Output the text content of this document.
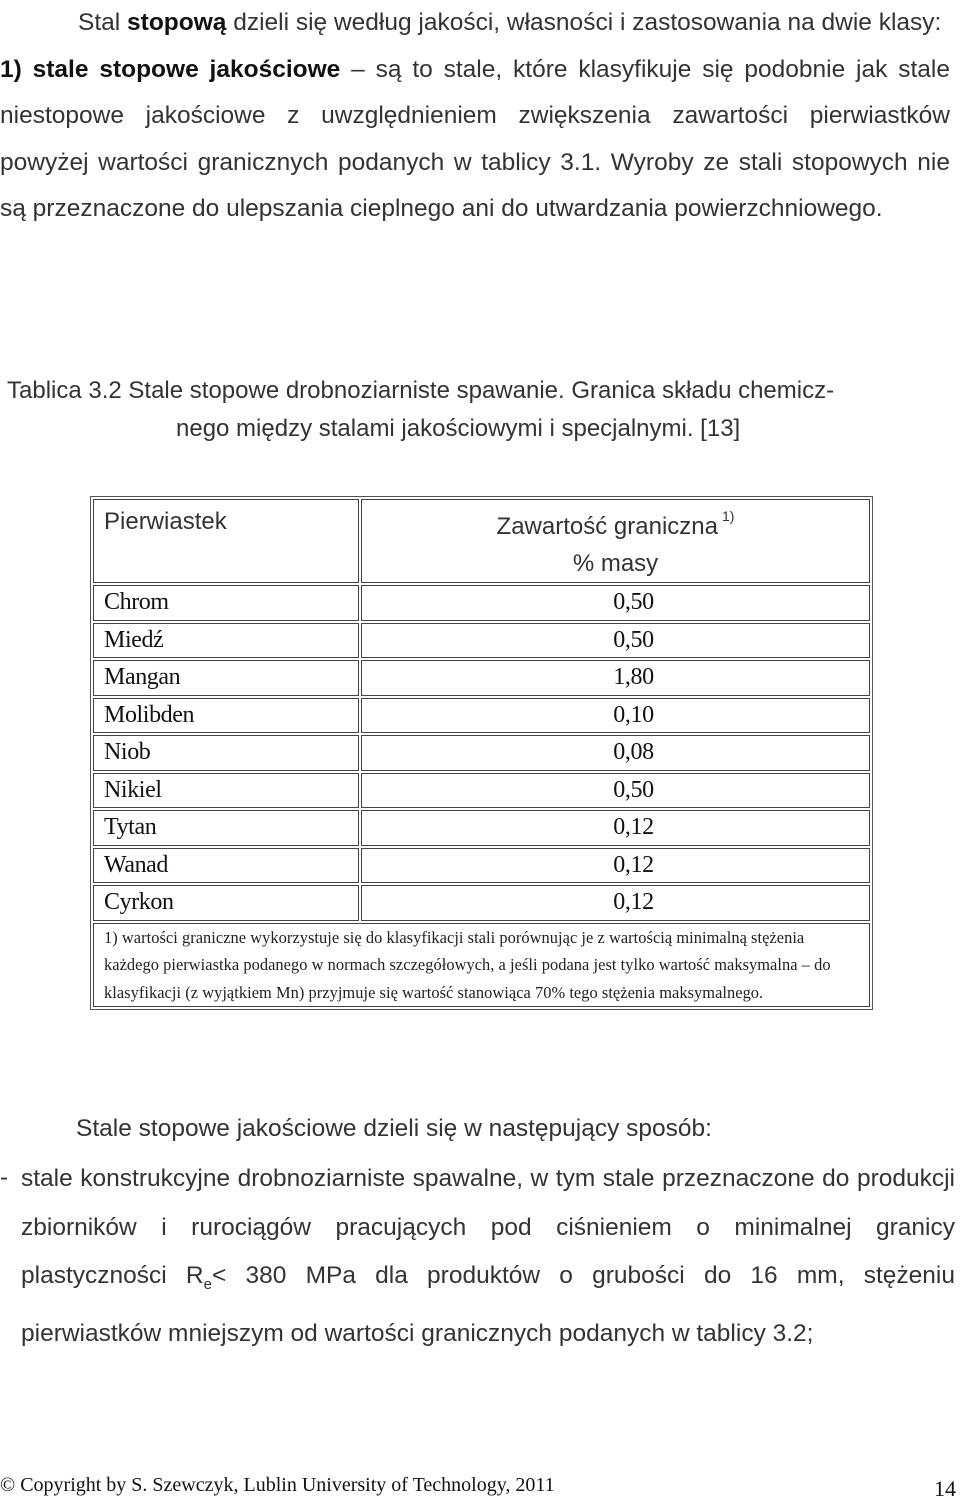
Stal stopową dzieli się według jakości, własności i zastosowania na dwie klasy:
1) stale stopowe jakościowe – są to stale, które klasyfikuje się podobnie jak stale niestopowe jakościowe z uwzględnieniem zwiększenia zawartości pierwiastków powyżej wartości granicznych podanych w tablicy 3.1. Wyroby ze stali stopowych nie są przeznaczone do ulepszania cieplnego ani do utwardzania powierzchniowego.
Tablica 3.2 Stale stopowe drobnoziarniste spawanie. Granica składu chemicz-
nego między stalami jakościowymi i specjalnymi. [13]
Pierwiastek	Zawartość graniczna $^{1)}$
% masy
Chrom	0,50
Miedź	0,50
Mangan	1,80
Molibden	0,10
Niob	0,08
Nikiel	0,50
Tytan	0,12
Wanad	0,12
Cyrkon	0,12
1) wartości graniczne wykorzystuje się do klasyfikacji stali porównując je z wartością minimalną stężenia każdego pierwiastka podanego w normach szczegółowych, a jeśli podana jest tylko wartość maksymalna – do klasyfikacji (z wyjątkiem Mn) przyjmuje się wartość stanowiąca 70% tego stężenia maksymalnego.	
Stale stopowe jakościowe dzieli się w następujący sposób:
- stale konstrukcyjne drobnoziarniste spawalne, w tym stale przeznaczone do produkcji zbiorników i rurociągów pracujących pod ciśnieniem o minimalnej granicy plastyczności $R_e< 380$ MPa dla produktów o grubości do 16 mm, stężeniu pierwiastków mniejszym od wartości granicznych podanych w tablicy 3.2;
© Copyright by S. Szewczyk, Lublin University of Technology, 2011	14
